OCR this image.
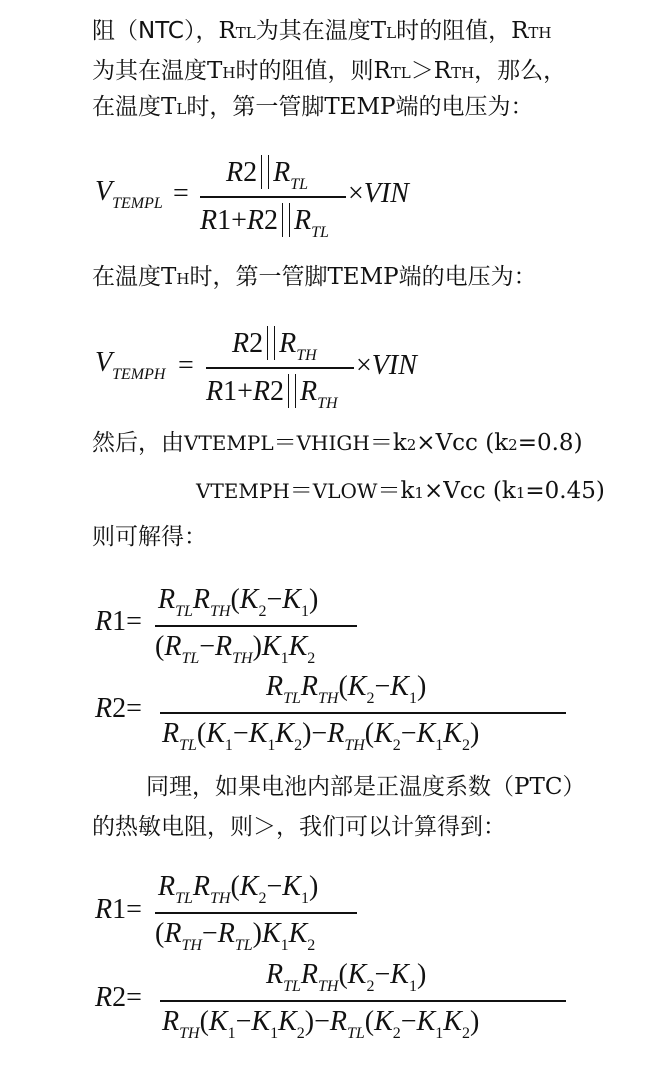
阻（NTC），RTL为其在温度TL时的阻值，RTH
为其在温度TH时的阻值，则RTL＞RTH，那么，
在温度TL时，第一管脚TEMP端的电压为：
$V_{TEMPL}$ =
R2 $R_{TL}$
R1+R2 $R_{TL}$
×VIN
在温度TH时，第一管脚TEMP端的电压为：
$V_{TEMPH}$ =
R2 $R_{TH}$
R1+R2 $R_{TH}$
×VIN
然后，由VTEMPL＝VHIGH＝k2×Vcc (k2=0.8)
VTEMPH＝VLOW＝k1×Vcc (k1=0.45)
则可解得：
R1=
$R_{TL}R_{TH}(K_2-K_1)$
$(R_{TL}-R_{TH})K_1K_2$
R2=
$R_{TL}R_{TH}(K_2-K_1)$
$R_{TL}(K_1-K_1K_2)-R_{TH}(K_2-K_1K_2)$
同理，如果电池内部是正温度系数（PTC）
的热敏电阻，则＞，我们可以计算得到：
R1=
$R_{TL}R_{TH}(K_2-K_1)$
$(R_{TH}-R_{TL})K_1K_2$
R2=
$R_{TL}R_{TH}(K_2-K_1)$
$R_{TH}(K_1-K_1K_2)-R_{TL}(K_2-K_1K_2)$
